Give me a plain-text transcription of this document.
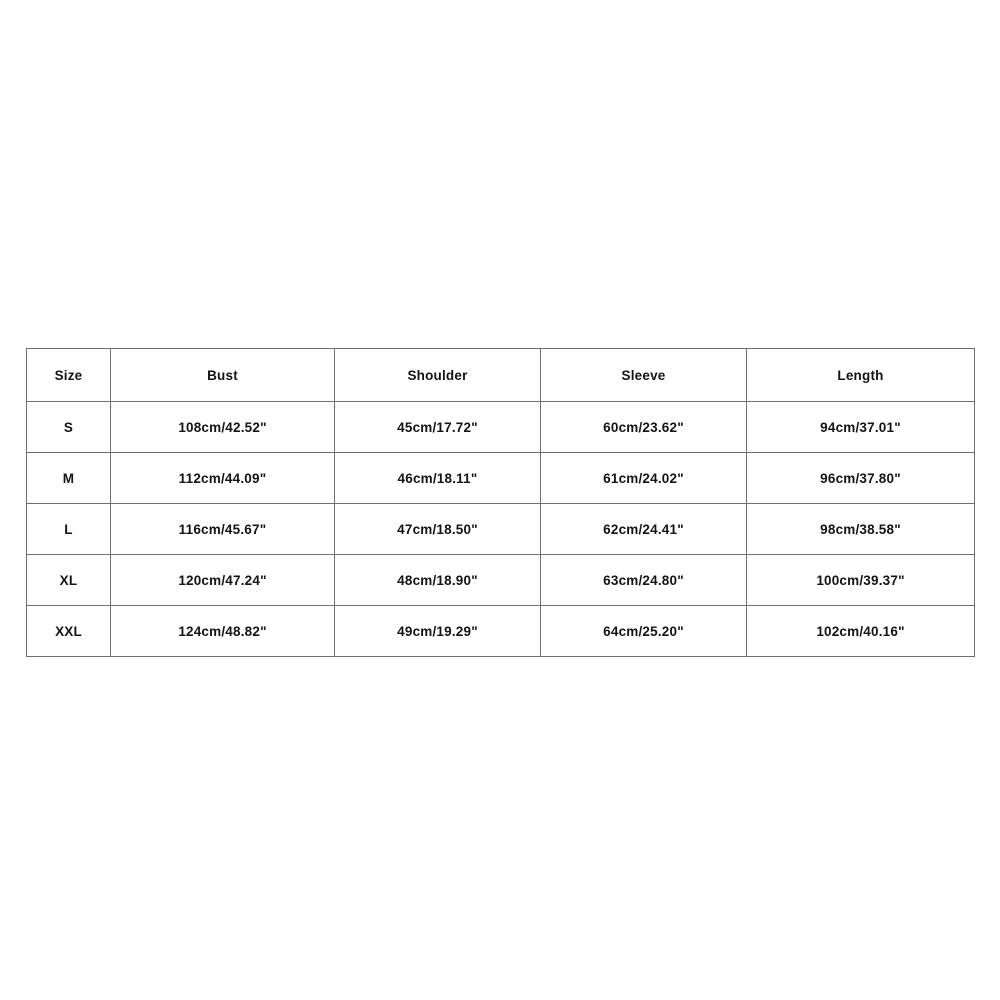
Size	Bust	Shoulder	Sleeve	Length
S	108cm/42.52"	45cm/17.72"	60cm/23.62"	94cm/37.01"
M	112cm/44.09"	46cm/18.11"	61cm/24.02"	96cm/37.80"
L	116cm/45.67"	47cm/18.50"	62cm/24.41"	98cm/38.58"
XL	120cm/47.24"	48cm/18.90"	63cm/24.80"	100cm/39.37"
XXL	124cm/48.82"	49cm/19.29"	64cm/25.20"	102cm/40.16"
